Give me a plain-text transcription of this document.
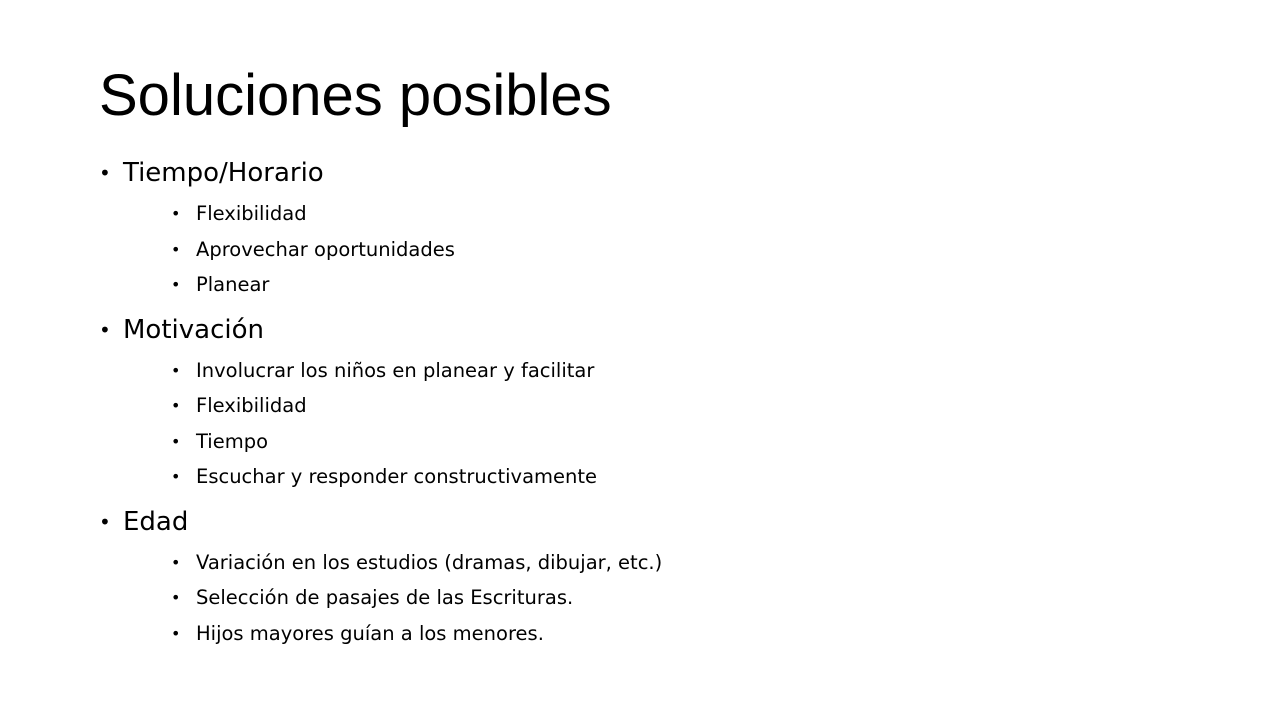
Soluciones posibles
• Tiempo/Horario
• Flexibilidad
• Aprovechar oportunidades
• Planear
• Motivación
• Involucrar los niños en planear y facilitar
• Flexibilidad
• Tiempo
• Escuchar y responder constructivamente
• Edad
• Variación en los estudios (dramas, dibujar, etc.)
• Selección de pasajes de las Escrituras.
• Hijos mayores guían a los menores.
